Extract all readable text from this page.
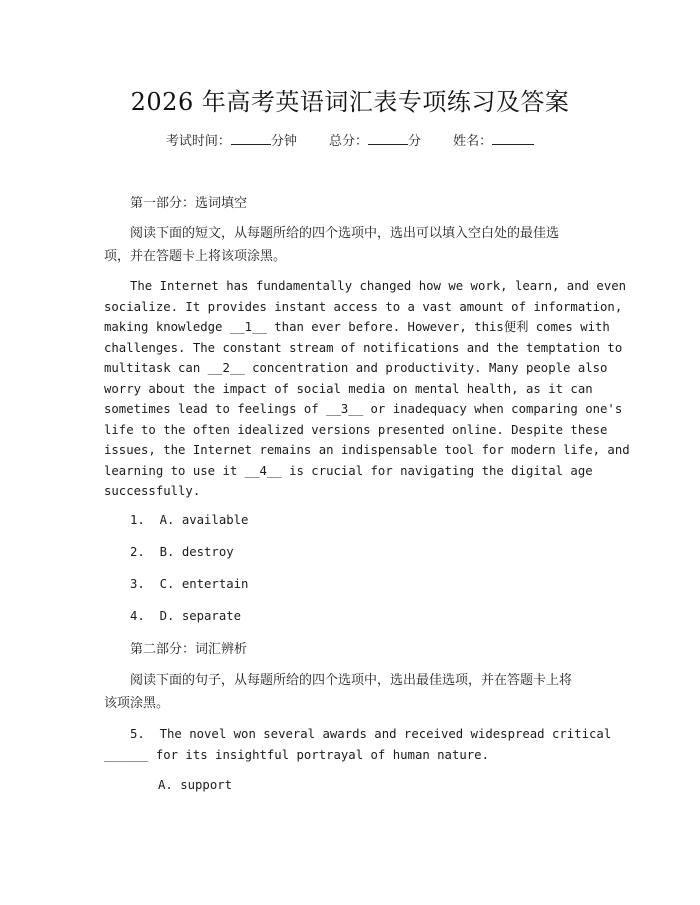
2026 年高考英语词汇表专项练习及答案
考试时间：	分钟 总分：	分 姓名：
第一部分：选词填空
阅读下面的短文，从每题所给的四个选项中，选出可以填入空白处的最佳选
项，并在答题卡上将该项涂黑。
The Internet has fundamentally changed how we work, learn, and even
socialize. It provides instant access to a vast amount of information,
making knowledge __1__ than ever before. However, this便利 comes with
challenges. The constant stream of notifications and the temptation to
multitask can __2__ concentration and productivity. Many people also
worry about the impact of social media on mental health, as it can
sometimes lead to feelings of __3__ or inadequacy when comparing one's
life to the often idealized versions presented online. Despite these
issues, the Internet remains an indispensable tool for modern life, and
learning to use it __4__ is crucial for navigating the digital age
successfully.
1.  A. available
2.  B. destroy
3.  C. entertain
4.  D. separate
第二部分：词汇辨析
阅读下面的句子，从每题所给的四个选项中，选出最佳选项，并在答题卡上将
该项涂黑。
5.  The novel won several awards and received widespread critical
______ for its insightful portrayal of human nature.
A. support
